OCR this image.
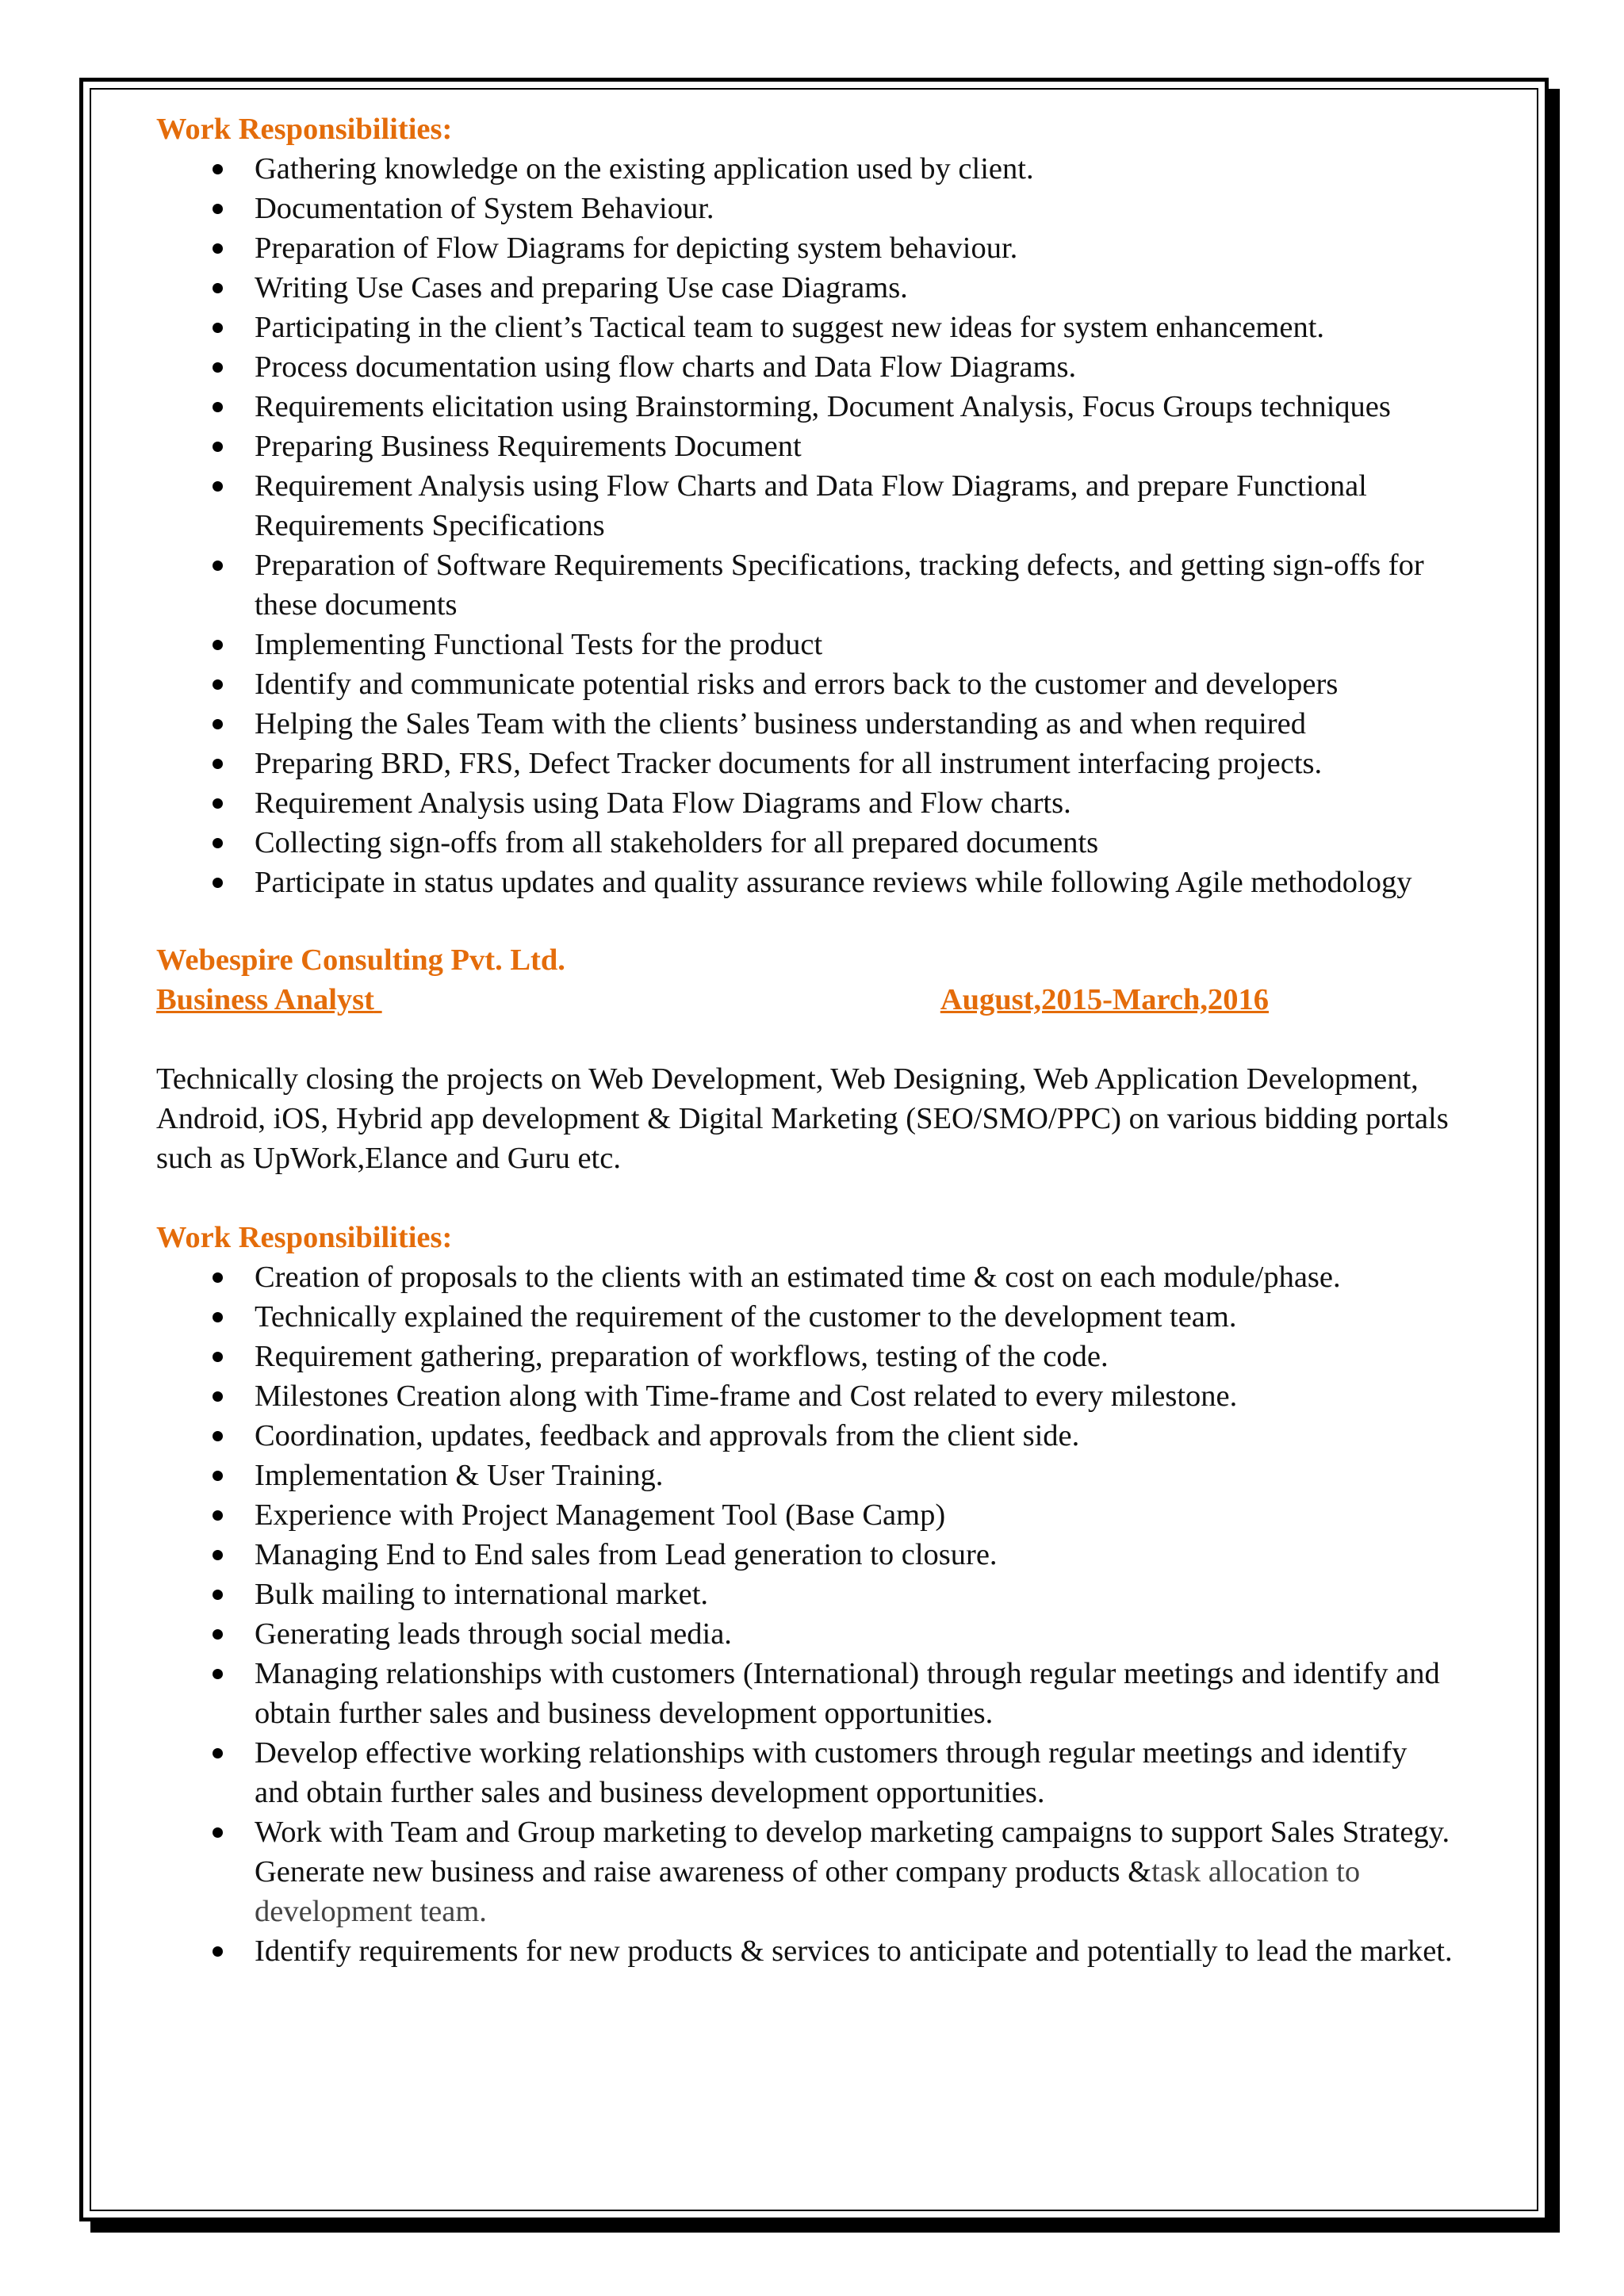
Work Responsibilities:
Gathering knowledge on the existing application used by client.
Documentation of System Behaviour.
Preparation of Flow Diagrams for depicting system behaviour.
Writing Use Cases and preparing Use case Diagrams.
Participating in the client’s Tactical team to suggest new ideas for system enhancement.
Process documentation using flow charts and Data Flow Diagrams.
Requirements elicitation using Brainstorming, Document Analysis, Focus Groups techniques
Preparing Business Requirements Document
Requirement Analysis using Flow Charts and Data Flow Diagrams, and prepare Functional Requirements Specifications
Preparation of Software Requirements Specifications, tracking defects, and getting sign-offs for these documents
Implementing Functional Tests for the product
Identify and communicate potential risks and errors back to the customer and developers
Helping the Sales Team with the clients’ business understanding as and when required
Preparing BRD, FRS, Defect Tracker documents for all instrument interfacing projects.
Requirement Analysis using Data Flow Diagrams and Flow charts.
Collecting sign-offs from all stakeholders for all prepared documents
Participate in status updates and quality assurance reviews while following Agile methodology
Webespire Consulting Pvt. Ltd.
Business Analyst
	August,2015-March,2016

Technically closing the projects on Web Development, Web Designing, Web Application Development, Android, iOS, Hybrid app development & Digital Marketing (SEO/SMO/PPC) on various bidding portals such as UpWork,Elance and Guru etc.

Work Responsibilities:
Creation of proposals to the clients with an estimated time & cost on each module/phase.
Technically explained the requirement of the customer to the development team.
Requirement gathering, preparation of workflows, testing of the code.
Milestones Creation along with Time-frame and Cost related to every milestone.
Coordination, updates, feedback and approvals from the client side.
Implementation & User Training.
Experience with Project Management Tool (Base Camp)
Managing End to End sales from Lead generation to closure.
Bulk mailing to international market.
Generating leads through social media.
Managing relationships with customers (International) through regular meetings and identify and obtain further sales and business development opportunities.
Develop effective working relationships with customers through regular meetings and identify and obtain further sales and business development opportunities.
Work with Team and Group marketing to develop marketing campaigns to support Sales Strategy. Generate new business and raise awareness of other company products &task allocation to development team.
Identify requirements for new products & services to anticipate and potentially to lead the market.
